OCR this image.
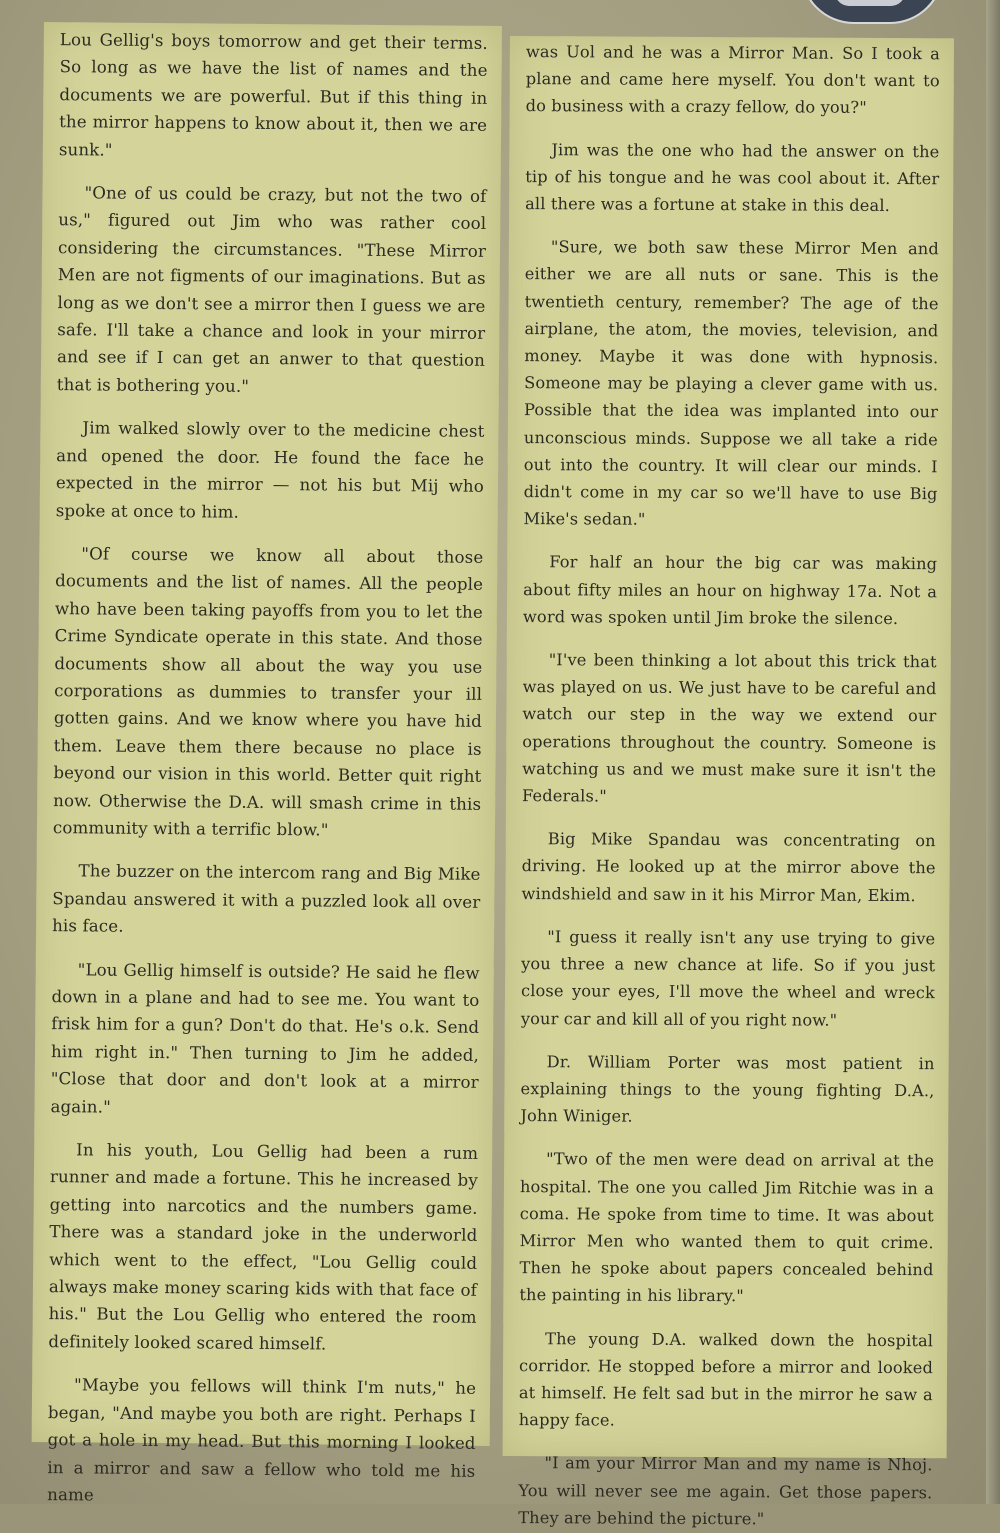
Lou Gellig's boys tomorrow and get their terms. So long as we have the list of names and the documents we are powerful. But if this thing in the mirror happens to know about it, then we are sunk."

"One of us could be crazy, but not the two of us," figured out Jim who was rather cool considering the circumstances. "These Mirror Men are not figments of our imaginations. But as long as we don't see a mirror then I guess we are safe. I'll take a chance and look in your mirror and see if I can get an anwer to that question that is bothering you."

Jim walked slowly over to the medicine chest and opened the door. He found the face he expected in the mirror — not his but Mij who spoke at once to him.

"Of course we know all about those documents and the list of names. All the people who have been taking payoffs from you to let the Crime Syndicate operate in this state. And those documents show all about the way you use corporations as dummies to transfer your ill gotten gains. And we know where you have hid them. Leave them there because no place is beyond our vision in this world. Better quit right now. Otherwise the D.A. will smash crime in this community with a terrific blow."

The buzzer on the intercom rang and Big Mike Spandau answered it with a puzzled look all over his face.

"Lou Gellig himself is outside? He said he flew down in a plane and had to see me. You want to frisk him for a gun? Don't do that. He's o.k. Send him right in." Then turning to Jim he added, "Close that door and don't look at a mirror again."

In his youth, Lou Gellig had been a rum runner and made a fortune. This he increased by getting into narcotics and the numbers game. There was a standard joke in the underworld which went to the effect, "Lou Gellig could always make money scaring kids with that face of his." But the Lou Gellig who entered the room definitely looked scared himself.

"Maybe you fellows will think I'm nuts," he began, "And maybe you both are right. Perhaps I got a hole in my head. But this morning I looked in a mirror and saw a fellow who told me his name

was Uol and he was a Mirror Man. So I took a plane and came here myself. You don't want to do business with a crazy fellow, do you?"

Jim was the one who had the answer on the tip of his tongue and he was cool about it. After all there was a fortune at stake in this deal.

"Sure, we both saw these Mirror Men and either we are all nuts or sane. This is the twentieth century, remember? The age of the airplane, the atom, the movies, television, and money. Maybe it was done with hypnosis. Someone may be playing a clever game with us. Possible that the idea was implanted into our unconscious minds. Suppose we all take a ride out into the country. It will clear our minds. I didn't come in my car so we'll have to use Big Mike's sedan."

For half an hour the big car was making about fifty miles an hour on highway 17a. Not a word was spoken until Jim broke the silence.

"I've been thinking a lot about this trick that was played on us. We just have to be careful and watch our step in the way we extend our operations throughout the country. Someone is watching us and we must make sure it isn't the Federals."

Big Mike Spandau was concentrating on driving. He looked up at the mirror above the windshield and saw in it his Mirror Man, Ekim.

"I guess it really isn't any use trying to give you three a new chance at life. So if you just close your eyes, I'll move the wheel and wreck your car and kill all of you right now."

Dr. William Porter was most patient in explaining things to the young fighting D.A., John Winiger.

"Two of the men were dead on arrival at the hospital. The one you called Jim Ritchie was in a coma. He spoke from time to time. It was about Mirror Men who wanted them to quit crime. Then he spoke about papers concealed behind the painting in his library."

The young D.A. walked down the hospital corridor. He stopped before a mirror and looked at himself. He felt sad but in the mirror he saw a happy face.

"I am your Mirror Man and my name is Nhoj. You will never see me again. Get those papers. They are behind the picture."
